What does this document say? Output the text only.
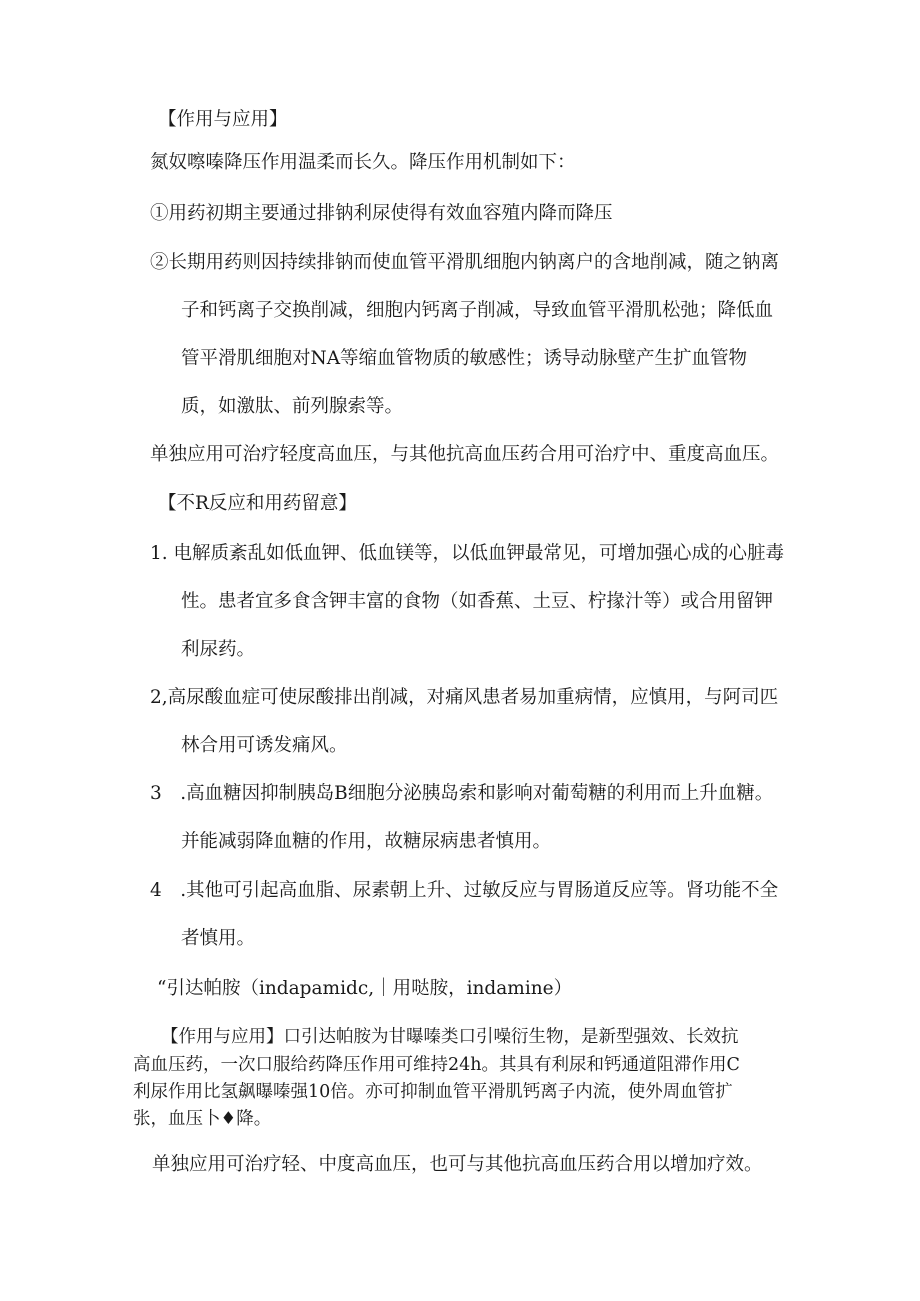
【作用与应用】

氮奴嚓嗪降压作用温柔而长久。降压作用机制如下：

①用药初期主要通过排钠利尿使得有效血容殖内降而降压

②长期用药则因持续排钠而使血管平滑肌细胞内钠离户的含地削减，随之钠离

子和钙离子交换削减，细胞内钙离子削减，导致血管平滑肌松弛；降低血

管平滑肌细胞对NA等缩血管物质的敏感性；诱导动脉壁产生扩血管物

质，如激肽、前列腺索等。

单独应用可治疗轻度高血压，与其他抗高血压药合用可治疗中、重度高血压。

【不R反应和用药留意】

1. 电解质紊乱如低血钾、低血镁等，以低血钾最常见，可增加强心成的心脏毒

性。患者宜多食含钾丰富的食物（如香蕉、土豆、柠掾汁等）或合用留钾

利尿药。

2,高尿酸血症可使尿酸排出削减，对痛风患者易加重病情，应慎用，与阿司匹

林合用可诱发痛风。

3　.高血糖因抑制胰岛B细胞分泌胰岛索和影响对葡萄糖的利用而上升血糖。

并能减弱降血糖的作用，故糖尿病患者慎用。

4　.其他可引起高血脂、尿素朝上升、过敏反应与胃肠道反应等。肾功能不全

者慎用。

“引达帕胺（indapamidc,｜用哒胺，indamine）

【作用与应用】口引达帕胺为甘曝嗪类口引噪衍生物，是新型强效、长效抗

高血压药，一次口服给药降压作用可维持24h。其具有利尿和钙通道阻滞作用C

利尿作用比氢飙曝嗪强10倍。亦可抑制血管平滑肌钙离子内流，使外周血管扩

张，血压卜♦降。

单独应用可治疗轻、中度高血压，也可与其他抗高血压药合用以增加疗效。
